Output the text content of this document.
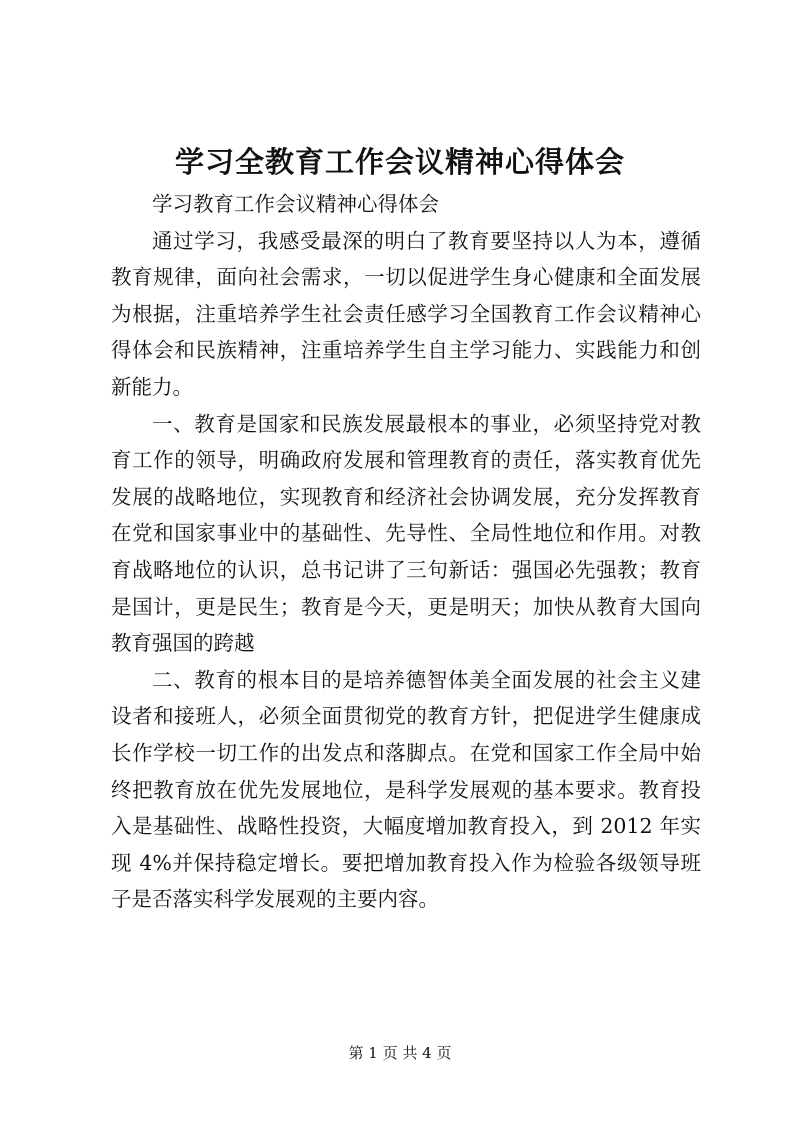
学习全教育工作会议精神心得体会

学习教育工作会议精神心得体会

通过学习，我感受最深的明白了教育要坚持以人为本，遵循教育规律，面向社会需求，一切以促进学生身心健康和全面发展为根据，注重培养学生社会责任感学习全国教育工作会议精神心得体会和民族精神，注重培养学生自主学习能力、实践能力和创新能力。

一、教育是国家和民族发展最根本的事业，必须坚持党对教育工作的领导，明确政府发展和管理教育的责任，落实教育优先发展的战略地位，实现教育和经济社会协调发展，充分发挥教育在党和国家事业中的基础性、先导性、全局性地位和作用。对教育战略地位的认识，总书记讲了三句新话：强国必先强教；教育是国计，更是民生；教育是今天，更是明天；加快从教育大国向教育强国的跨越

二、教育的根本目的是培养德智体美全面发展的社会主义建设者和接班人，必须全面贯彻党的教育方针，把促进学生健康成长作学校一切工作的出发点和落脚点。在党和国家工作全局中始终把教育放在优先发展地位，是科学发展观的基本要求。教育投入是基础性、战略性投资，大幅度增加教育投入，到 2012 年实现 4%并保持稳定增长。要把增加教育投入作为检验各级领导班子是否落实科学发展观的主要内容。

第 1 页 共 4 页
